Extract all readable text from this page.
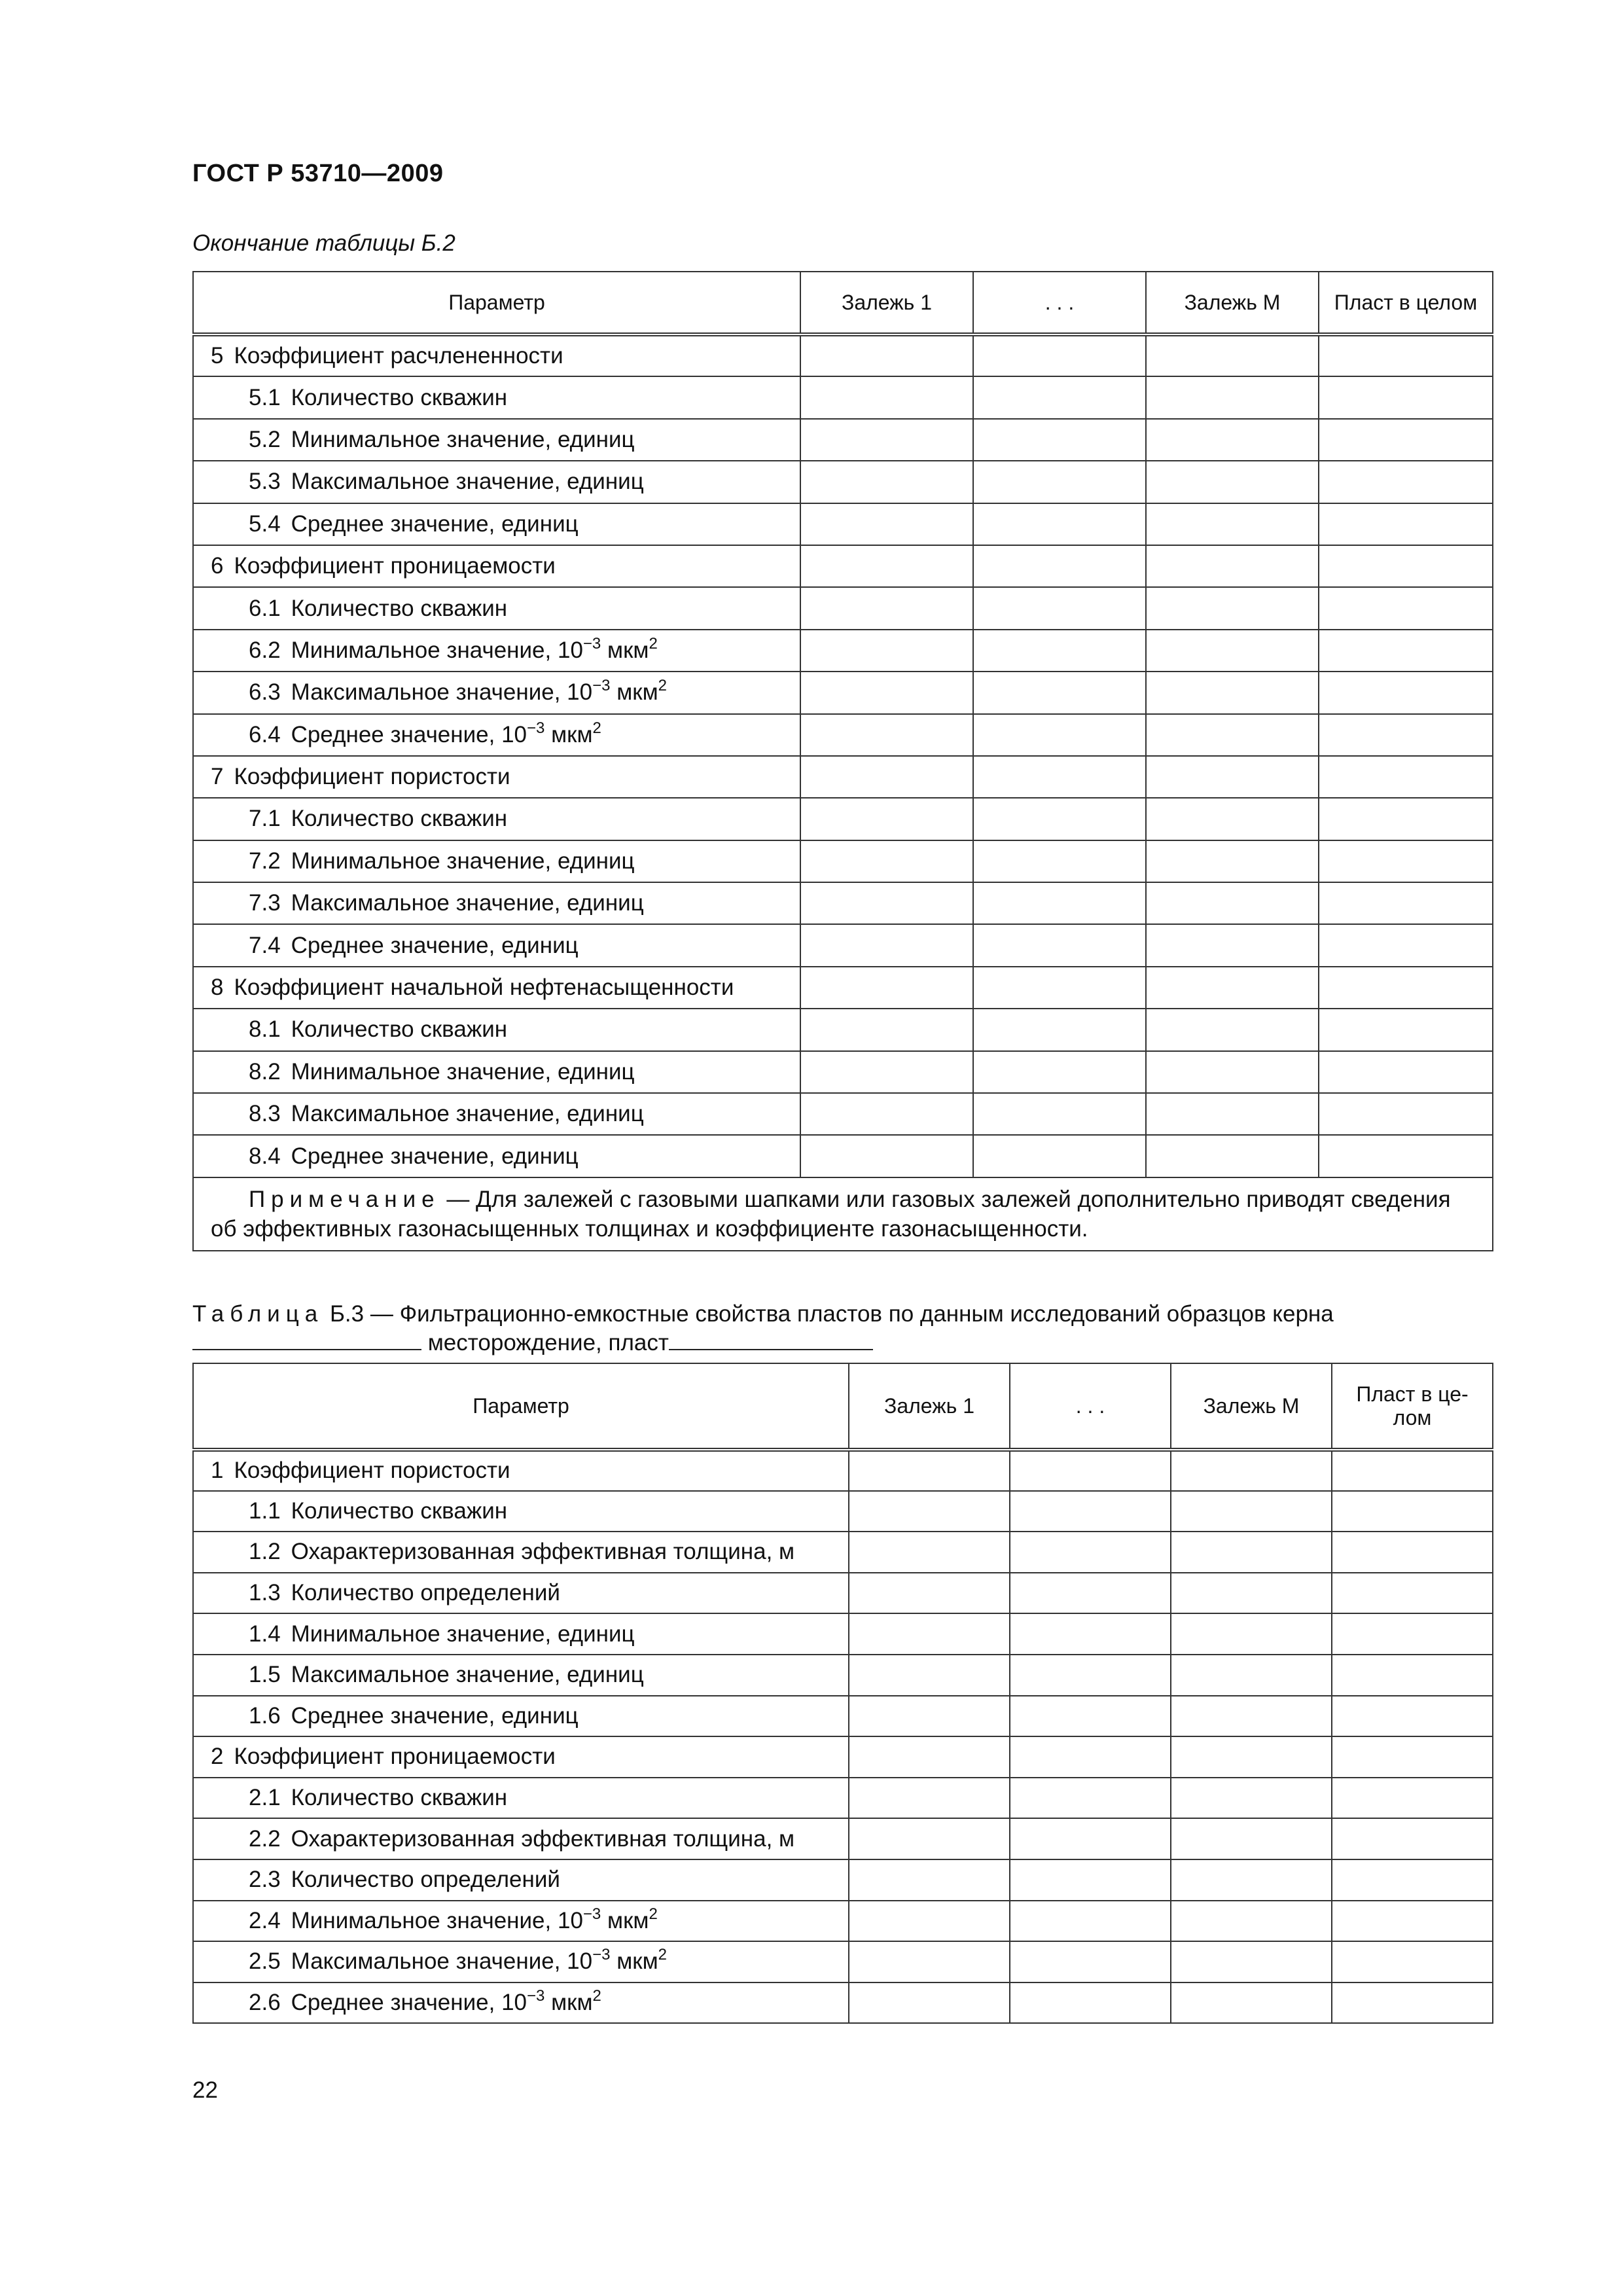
ГОСТ Р 53710—2009
Окончание таблицы Б.2
Параметр	Залежь 1	. . .	Залежь М	Пласт в целом
5 Коэффициент расчлененности				
5.1 Количество скважин				
5.2 Минимальное значение, единиц				
5.3 Максимальное значение, единиц				
5.4 Среднее значение, единиц				
6 Коэффициент проницаемости				
6.1 Количество скважин				
6.2 Минимальное значение, $10^{-3}$ мкм$^2$				
6.3 Максимальное значение, $10^{-3}$ мкм$^2$				
6.4 Среднее значение, $10^{-3}$ мкм$^2$				
7 Коэффициент пористости				
7.1 Количество скважин				
7.2 Минимальное значение, единиц				
7.3 Максимальное значение, единиц				
7.4 Среднее значение, единиц				
8 Коэффициент начальной нефтенасыщенности				
8.1 Количество скважин				
8.2 Минимальное значение, единиц				
8.3 Максимальное значение, единиц				
8.4 Среднее значение, единиц				
Примечание — Для залежей с газовыми шапками или газовых залежей дополнительно приводят сведения об эффективных газонасыщенных толщинах и коэффициенте газонасыщенности.				
Таблица Б.3 — Фильтрационно-емкостные свойства пластов по данным исследований образцов керна
месторождение, пласт
Параметр	Залежь 1	. . .	Залежь М	Пласт в це-
лом
1 Коэффициент пористости				
1.1 Количество скважин				
1.2 Охарактеризованная эффективная толщина, м				
1.3 Количество определений				
1.4 Минимальное значение, единиц				
1.5 Максимальное значение, единиц				
1.6 Среднее значение, единиц				
2 Коэффициент проницаемости				
2.1 Количество скважин				
2.2 Охарактеризованная эффективная толщина, м				
2.3 Количество определений				
2.4 Минимальное значение, $10^{-3}$ мкм$^2$				
2.5 Максимальное значение, $10^{-3}$ мкм$^2$				
2.6 Среднее значение, $10^{-3}$ мкм$^2$				
22
